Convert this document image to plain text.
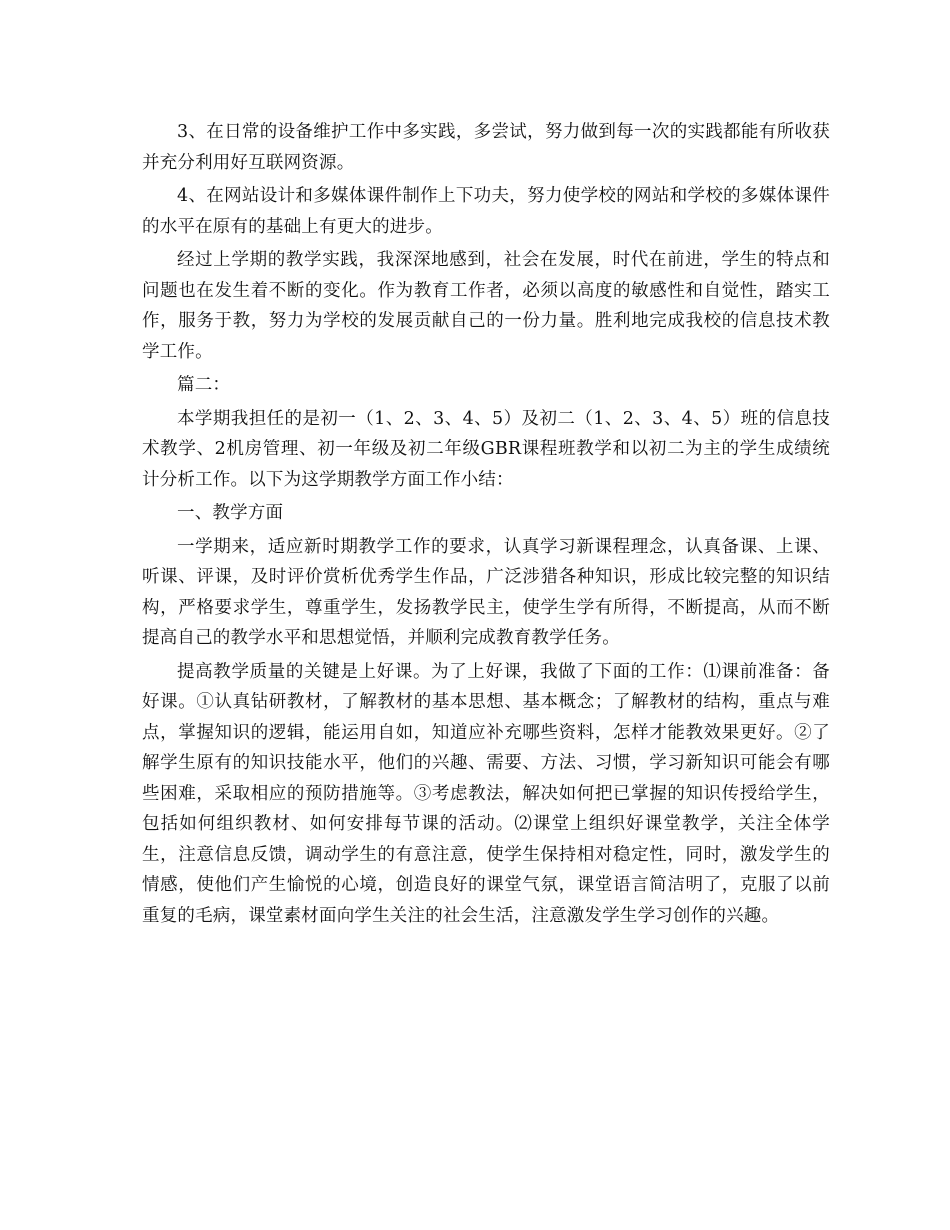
3、在日常的设备维护工作中多实践，多尝试，努力做到每一次的实践都能有所收获并充分利用好互联网资源。

4、在网站设计和多媒体课件制作上下功夫，努力使学校的网站和学校的多媒体课件的水平在原有的基础上有更大的进步。

经过上学期的教学实践，我深深地感到，社会在发展，时代在前进，学生的特点和问题也在发生着不断的变化。作为教育工作者，必须以高度的敏感性和自觉性，踏实工作，服务于教，努力为学校的发展贡献自己的一份力量。胜利地完成我校的信息技术教学工作。

篇二：

本学期我担任的是初一（1、2、3、4、5）及初二（1、2、3、4、5）班的信息技术教学、2机房管理、初一年级及初二年级GBR课程班教学和以初二为主的学生成绩统计分析工作。以下为这学期教学方面工作小结：

一、教学方面

一学期来，适应新时期教学工作的要求，认真学习新课程理念，认真备课、上课、听课、评课，及时评价赏析优秀学生作品，广泛涉猎各种知识，形成比较完整的知识结构，严格要求学生，尊重学生，发扬教学民主，使学生学有所得，不断提高，从而不断提高自己的教学水平和思想觉悟，并顺利完成教育教学任务。

提高教学质量的关键是上好课。为了上好课，我做了下面的工作：⑴课前准备：备好课。①认真钻研教材，了解教材的基本思想、基本概念；了解教材的结构，重点与难点，掌握知识的逻辑，能运用自如，知道应补充哪些资料，怎样才能教效果更好。②了解学生原有的知识技能水平，他们的兴趣、需要、方法、习惯，学习新知识可能会有哪些困难，采取相应的预防措施等。③考虑教法，解决如何把已掌握的知识传授给学生，包括如何组织教材、如何安排每节课的活动。⑵课堂上组织好课堂教学，关注全体学生，注意信息反馈，调动学生的有意注意，使学生保持相对稳定性，同时，激发学生的情感，使他们产生愉悦的心境，创造良好的课堂气氛，课堂语言简洁明了，克服了以前重复的毛病，课堂素材面向学生关注的社会生活，注意激发学生学习创作的兴趣。
